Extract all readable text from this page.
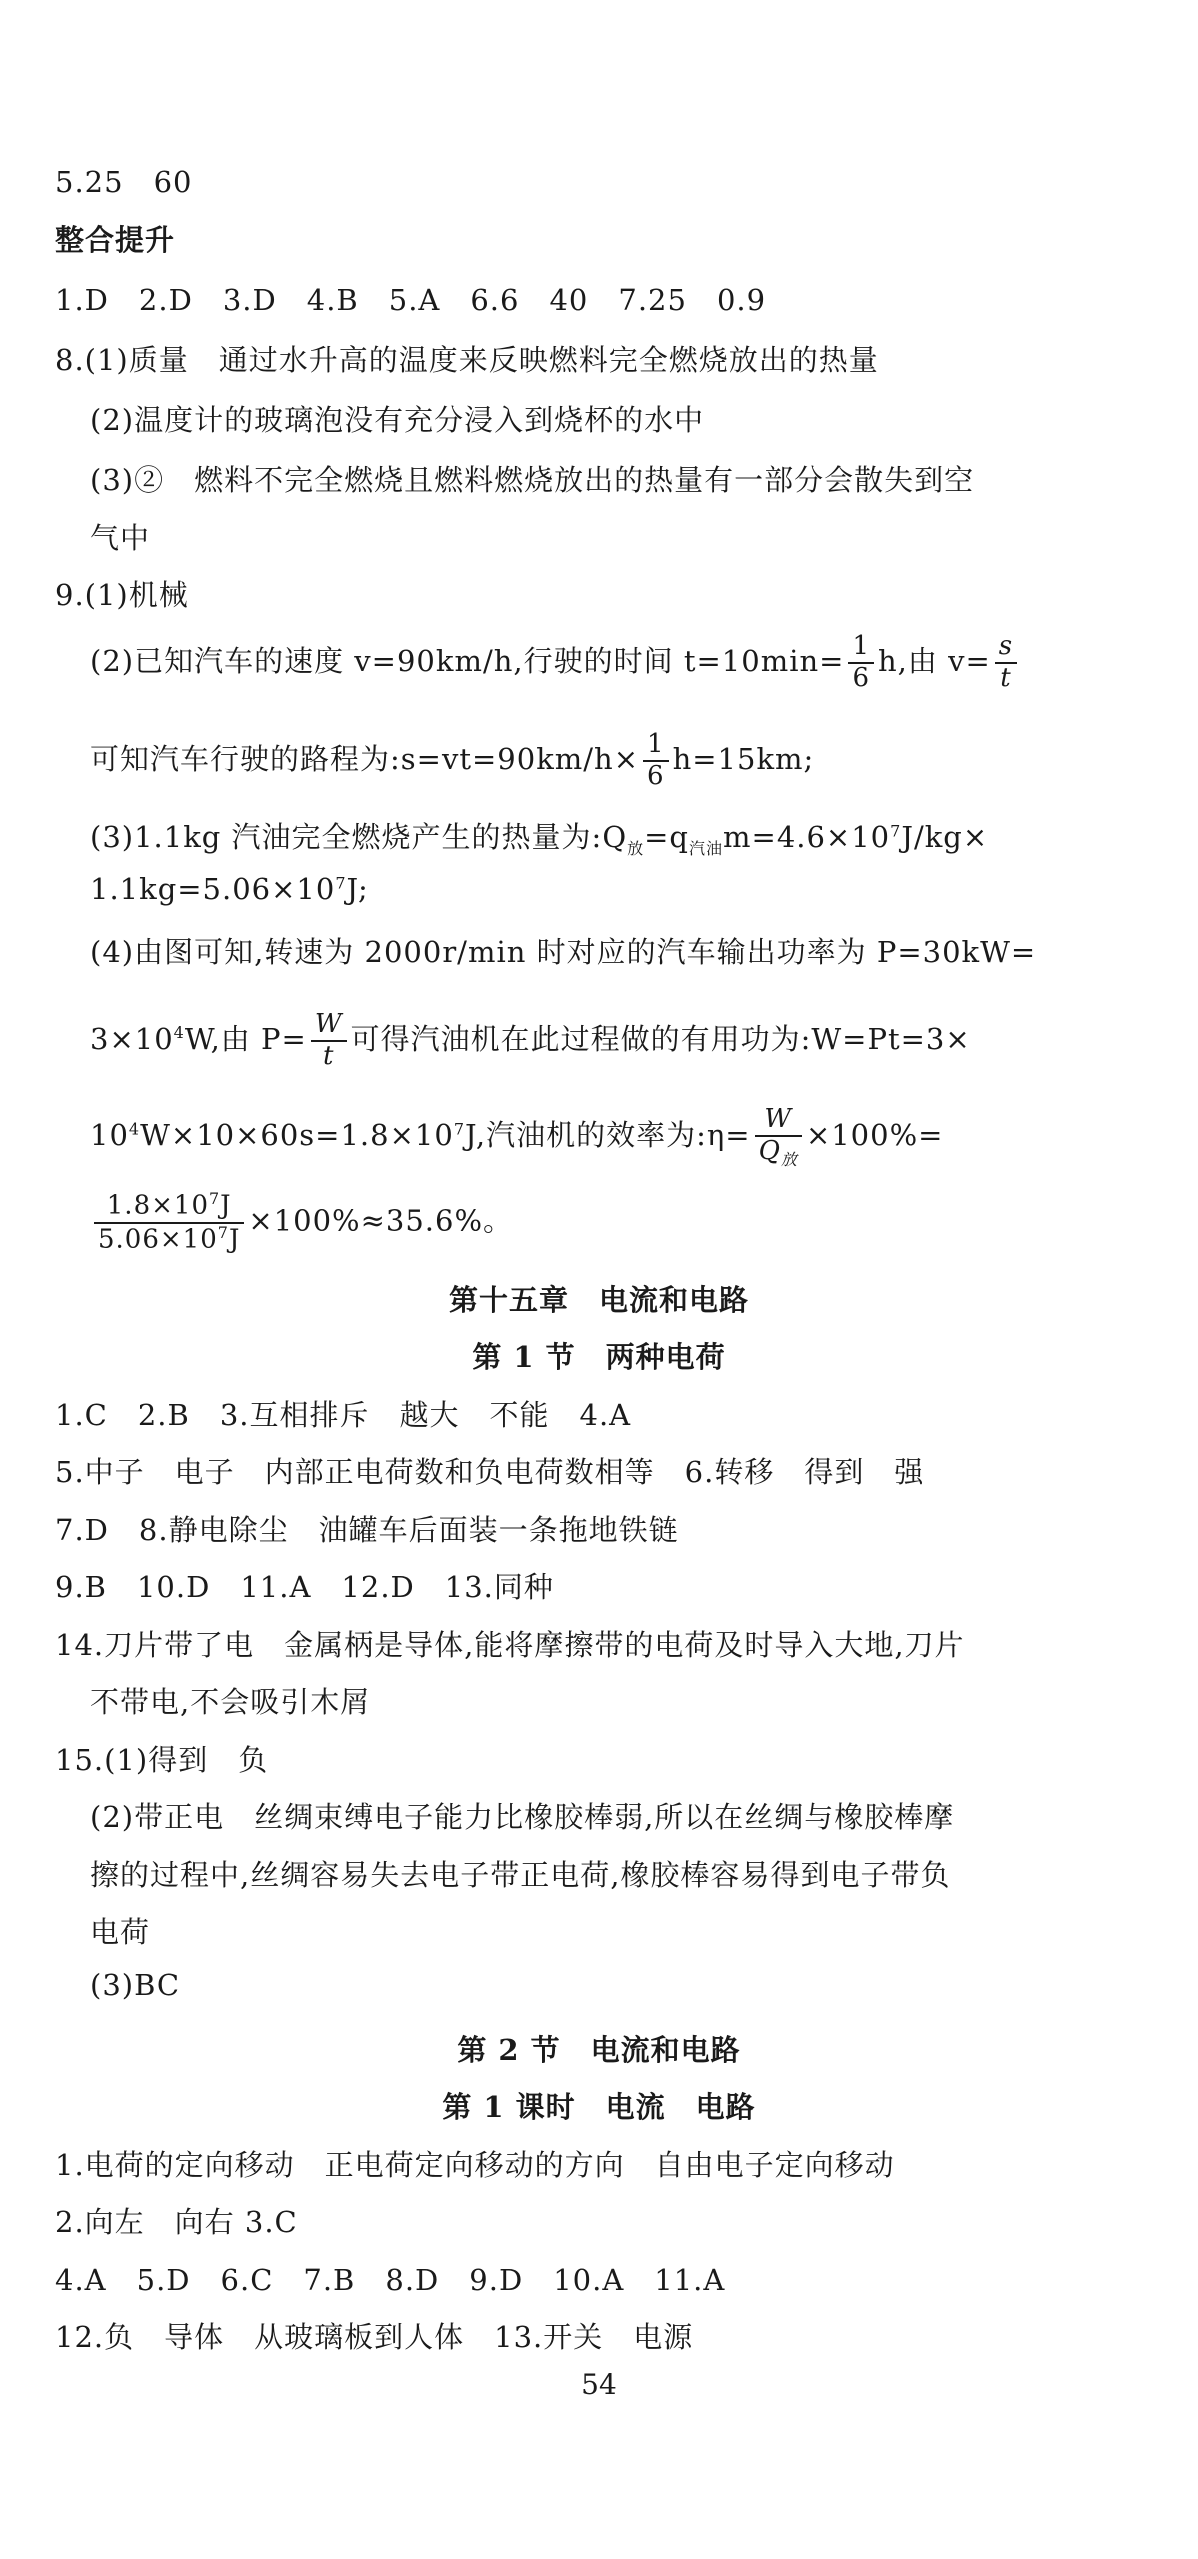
5.25　60
整合提升
1.D　2.D　3.D　4.B　5.A　6.6　40　7.25　0.9
8.(1)质量　通过水升高的温度来反映燃料完全燃烧放出的热量
(2)温度计的玻璃泡没有充分浸入到烧杯的水中
(3)②　燃料不完全燃烧且燃料燃烧放出的热量有一部分会散失到空
气中
9.(1)机械
(2)已知汽车的速度 v=90km/h,行驶的时间 $t=10\min= \frac{1}{6} h$,由 $v= \frac{s}{t}$
可知汽车行驶的路程为:s=vt=90km/h× $\frac{1}{6} h=15km$;
(3)1.1kg 汽油完全燃烧产生的热量为$:Q_放=q_{汽油}m=4.6\times 10^7J/kg\times$
$1.1kg=5.06\times 10^7J$;
(4)由图可知,转速为 2000r/min 时对应的汽车输出功率为 P=30kW=
$3\times 10^4W$,由 $P= \frac{W}{t}$ 可得汽油机在此过程做的有用功为:W=Pt=3×
$10^4W\times 10\times 60s=1.8\times 10^7J$,汽油机的效率为:η= $\frac{W}{Q_放} \times 100\%=$
$\frac{1.8\times 10^7J}{5.06\times 10^7J} \times 100\%\approx 35.6\%$。
第十五章　电流和电路
第 1 节　两种电荷
1.C　2.B　3.互相排斥　越大　不能　4.A
5.中子　电子　内部正电荷数和负电荷数相等　6.转移　得到　强
7.D　8.静电除尘　油罐车后面装一条拖地铁链
9.B　10.D　11.A　12.D　13.同种
14.刀片带了电　金属柄是导体,能将摩擦带的电荷及时导入大地,刀片
不带电,不会吸引木屑
15.(1)得到　负
(2)带正电　丝绸束缚电子能力比橡胶棒弱,所以在丝绸与橡胶棒摩
擦的过程中,丝绸容易失去电子带正电荷,橡胶棒容易得到电子带负
电荷
(3)BC
第 2 节　电流和电路
第 1 课时　电流　电路
1.电荷的定向移动　正电荷定向移动的方向　自由电子定向移动
2.向左　向右 3.C
4.A　5.D　6.C　7.B　8.D　9.D　10.A　11.A
12.负　导体　从玻璃板到人体　13.开关　电源
54
